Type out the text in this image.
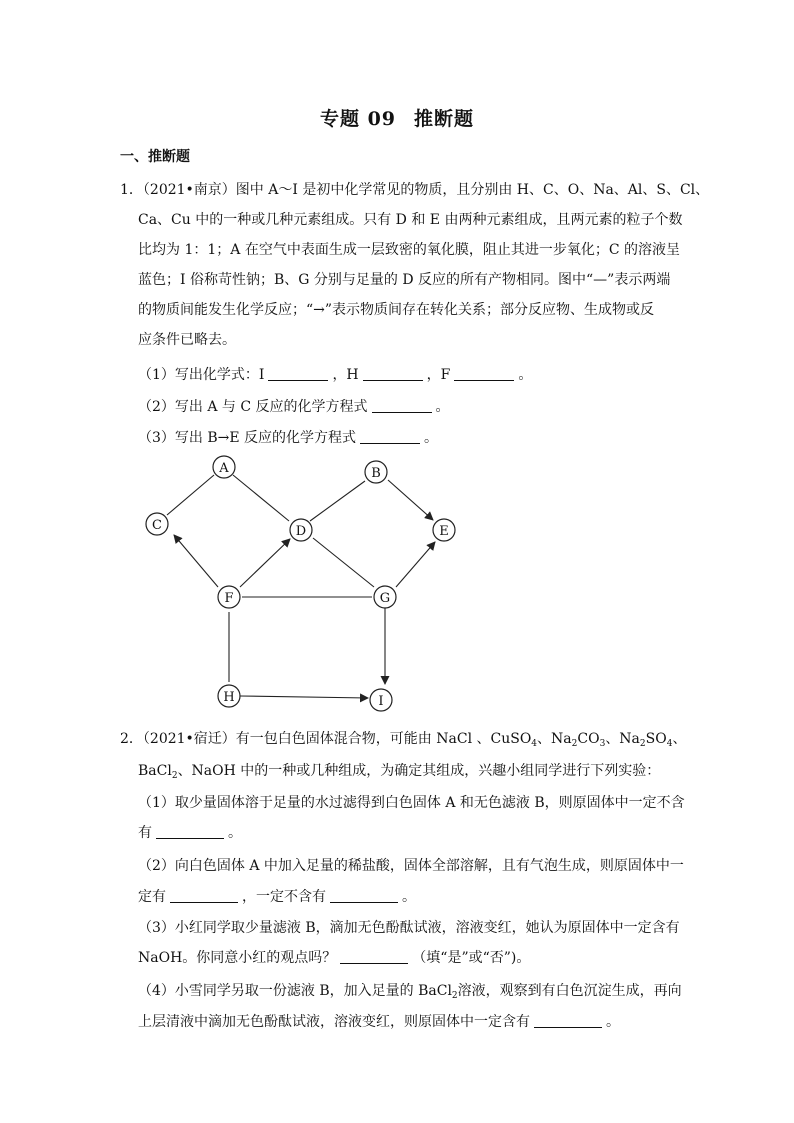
专题 09 推断题
一、推断题
1．（2021•南京）图中 A～I 是初中化学常见的物质，且分别由 H、C、O、Na、Al、S、Cl、
Ca、Cu 中的一种或几种元素组成。只有 D 和 E 由两种元素组成，且两元素的粒子个数
比均为 1：1；A 在空气中表面生成一层致密的氧化膜，阻止其进一步氧化；C 的溶液呈
蓝色；I 俗称苛性钠；B、G 分别与足量的 D 反应的所有产物相同。图中“—”表示两端
的物质间能发生化学反应；“→”表示物质间存在转化关系；部分反应物、生成物或反
应条件已略去。
（1）写出化学式：I	，H	，F	。
（2）写出 A 与 C 反应的化学方程式	。
（3）写出 B→E 反应的化学方程式	。
A	B
C	D	E
F	G
H	I
2．（2021•宿迁）有一包白色固体混合物，可能由 NaCl 、CuSO$_4$、$Na_2CO_3$、$Na_2SO_4$、
BaCl$_2$、NaOH 中的一种或几种组成，为确定其组成，兴趣小组同学进行下列实验：
（1）取少量固体溶于足量的水过滤得到白色固体 A 和无色滤液 B，则原固体中一定不含
有	。
（2）向白色固体 A 中加入足量的稀盐酸，固体全部溶解，且有气泡生成，则原固体中一
定有	，一定不含有	。
（3）小红同学取少量滤液 B，滴加无色酚酞试液，溶液变红，她认为原固体中一定含有
NaOH。你同意小红的观点吗？	（填“是”或“否”)。
（4）小雪同学另取一份滤液 B，加入足量的 BaCl$_2$溶液，观察到有白色沉淀生成，再向
上层清液中滴加无色酚酞试液，溶液变红，则原固体中一定含有	。
